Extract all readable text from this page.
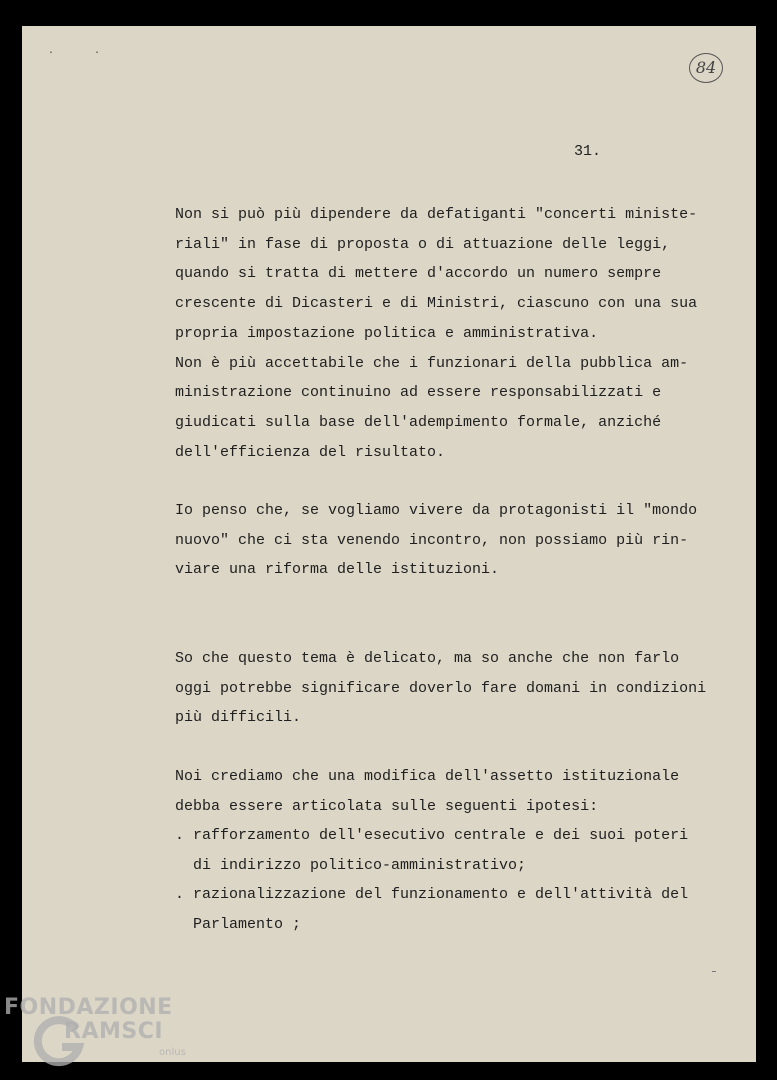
··
84
31.
Non si può più dipendere da defatiganti "concerti ministe-
riali" in fase di proposta o di attuazione delle leggi,
quando si tratta di mettere d'accordo un numero sempre
crescente di Dicasteri e di Ministri, ciascuno con una sua
propria impostazione politica e amministrativa.
Non è più accettabile che i funzionari della pubblica am-
ministrazione continuino ad essere responsabilizzati e
giudicati sulla base dell'adempimento formale, anziché
dell'efficienza del risultato.
Io penso che, se vogliamo vivere da protagonisti il "mondo
nuovo" che ci sta venendo incontro, non possiamo più rin-
viare una riforma delle istituzioni.
So che questo tema è delicato, ma so anche che non farlo
oggi potrebbe significare doverlo fare domani in condizioni
più difficili.
Noi crediamo che una modifica dell'assetto istituzionale
debba essere articolata sulle seguenti ipotesi:
. rafforzamento dell'esecutivo centrale e dei suoi poteri
di indirizzo politico-amministrativo;
. razionalizzazione del funzionamento e dell'attività del
Parlamento ;
FONDAZIONE
RAMSCI
onlus
